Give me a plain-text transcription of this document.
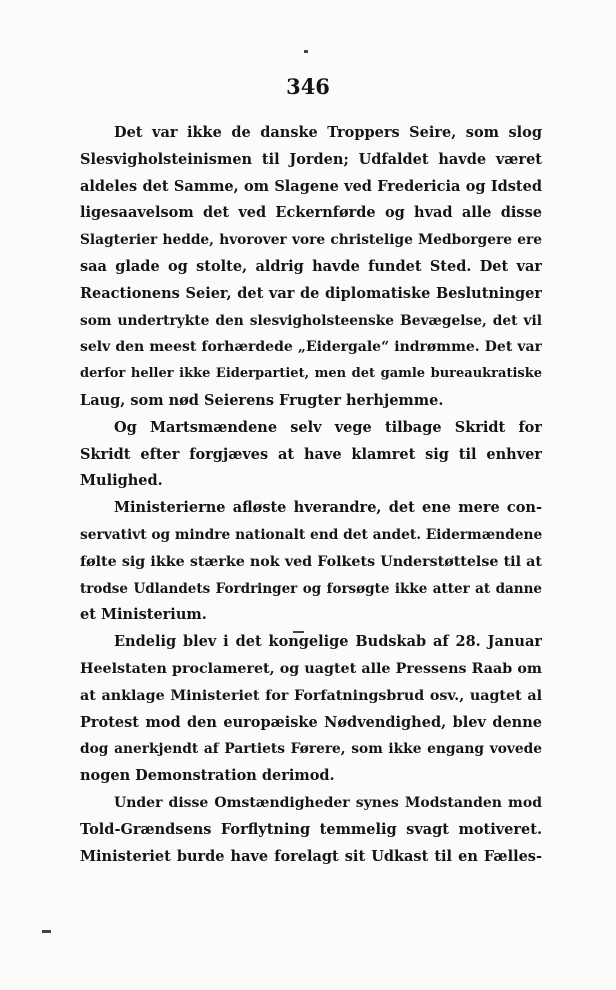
346
Det var ikke de danske Troppers Seire, som slog
Slesvigholsteinismen til Jorden; Udfaldet havde været
aldeles det Samme, om Slagene ved Fredericia og Idsted
ligesaavelsom det ved Eckernførde og hvad alle disse
Slagterier hedde, hvorover vore christelige Medborgere ere
saa glade og stolte, aldrig havde fundet Sted. Det var
Reactionens Seier, det var de diplomatiske Beslutninger
som undertrykte den slesvigholsteenske Bevægelse, det vil
selv den meest forhærdede „Eidergale“ indrømme. Det var
derfor heller ikke Eiderpartiet, men det gamle bureaukratiske
Laug, som nød Seierens Frugter herhjemme.
Og Martsmændene selv vege tilbage Skridt for
Skridt efter forgjæves at have klamret sig til enhver
Mulighed.
Ministerierne afløste hverandre, det ene mere con-
servativt og mindre nationalt end det andet. Eidermændene
følte sig ikke stærke nok ved Folkets Understøttelse til at
trodse Udlandets Fordringer og forsøgte ikke atter at danne
et Ministerium.
Endelig blev i det kongelige Budskab af 28. Januar
Heelstaten proclameret, og uagtet alle Pressens Raab om
at anklage Ministeriet for Forfatningsbrud osv., uagtet al
Protest mod den europæiske Nødvendighed, blev denne
dog anerkjendt af Partiets Førere, som ikke engang vovede
nogen Demonstration derimod.
Under disse Omstændigheder synes Modstanden mod
Told-Grændsens Forflytning temmelig svagt motiveret.
Ministeriet burde have forelagt sit Udkast til en Fælles-
